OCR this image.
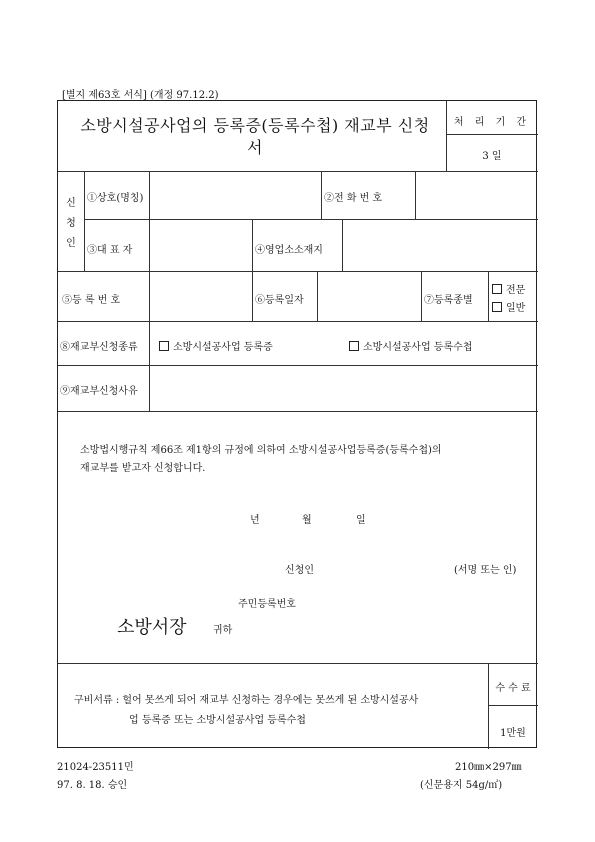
[별지 제63호 서식] (개정 97.12.2)
소방시설공사업의 등록증(등록수첩) 재교부 신청
서
처 리 기 간
3 일
신
청
인
①상호(명칭)	②전 화 번 호
③대 표 자	④영업소소재지
⑤등 록 번 호	⑥등록일자	⑦등록종별
전문
일반
⑧재교부신청종류	소방시설공사업 등록증	소방시설공사업 등록수첩
⑨재교부신청사유
소방법시행규칙 제66조 제1항의 규정에 의하여 소방시설공사업등록증(등록수첩)의
재교부를 받고자 신청합니다.
년	월	일
신청인	(서명 또는 인)
주민등록번호
소방서장	귀하
구비서류 : 헐어 못쓰게 되어 재교부 신청하는 경우에는 못쓰게 된 소방시설공사
업 등록증 또는 소방시설공사업 등록수첩
수 수 료
1만원
21024-23511민	210㎜×297㎜
97. 8. 18. 승인	(신문용지 54g/㎡)
